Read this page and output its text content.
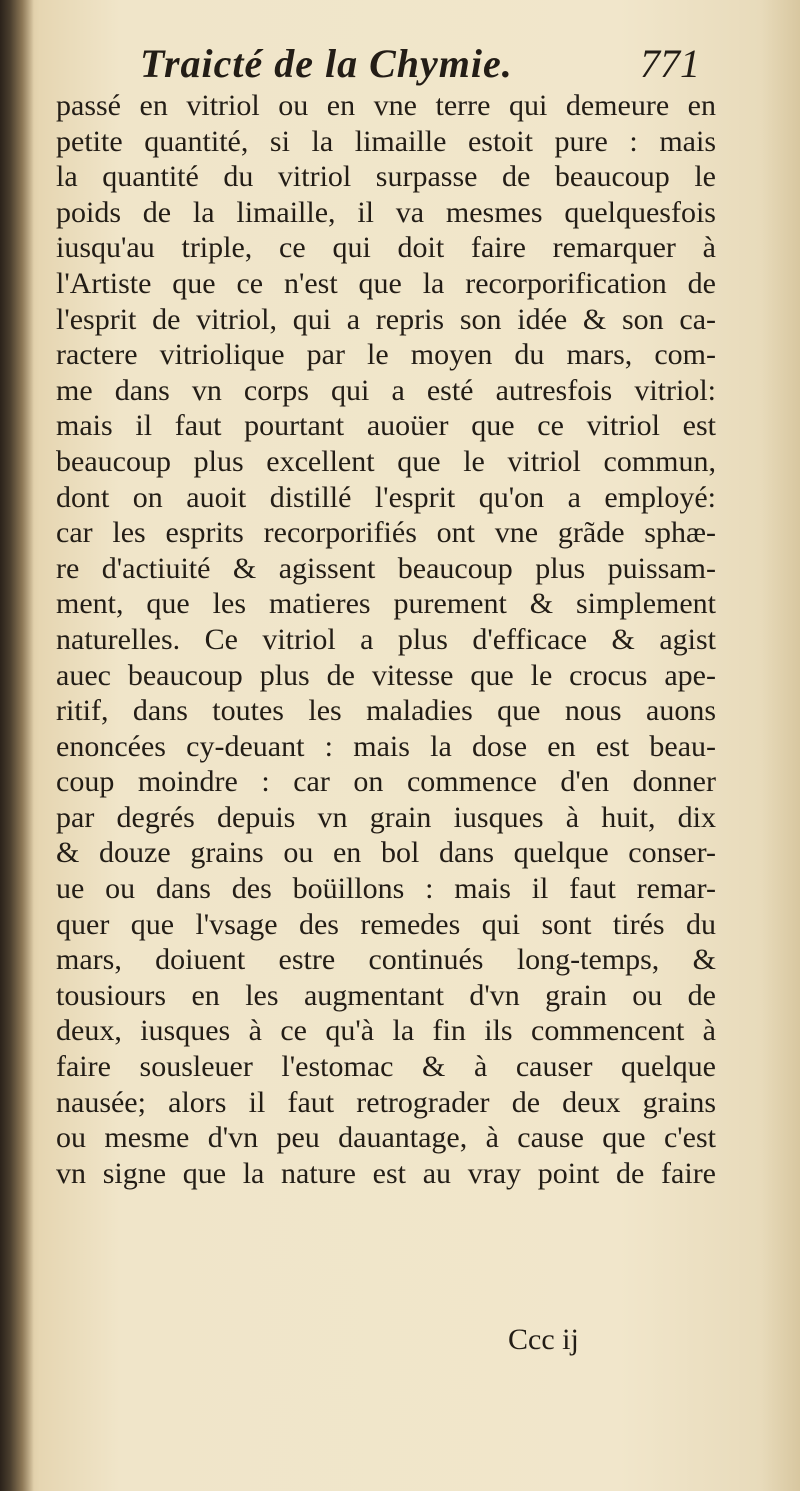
Traicté de la Chymie.	771
passé en vitriol ou en vne terre qui demeure en
petite quantité, si la limaille estoit pure : mais
la quantité du vitriol surpasse de beaucoup le
poids de la limaille, il va mesmes quelquesfois
iusqu'au triple, ce qui doit faire remarquer à
l'Artiste que ce n'est que la recorporification de
l'esprit de vitriol, qui a repris son idée & son ca-
ractere vitriolique par le moyen du mars, com-
me dans vn corps qui a esté autresfois vitriol:
mais il faut pourtant auoüer que ce vitriol est
beaucoup plus excellent que le vitriol commun,
dont on auoit distillé l'esprit qu'on a employé:
car les esprits recorporifiés ont vne grãde sphæ-
re d'actiuité & agissent beaucoup plus puissam-
ment, que les matieres purement & simplement
naturelles. Ce vitriol a plus d'efficace & agist
auec beaucoup plus de vitesse que le crocus ape-
ritif, dans toutes les maladies que nous auons
enoncées cy-deuant : mais la dose en est beau-
coup moindre : car on commence d'en donner
par degrés depuis vn grain iusques à huit, dix
& douze grains ou en bol dans quelque conser-
ue ou dans des boüillons : mais il faut remar-
quer que l'vsage des remedes qui sont tirés du
mars, doiuent estre continués long-temps, &
tousiours en les augmentant d'vn grain ou de
deux, iusques à ce qu'à la fin ils commencent à
faire sousleuer l'estomac & à causer quelque
nausée; alors il faut retrograder de deux grains
ou mesme d'vn peu dauantage, à cause que c'est
vn signe que la nature est au vray point de faire
Ccc ij
